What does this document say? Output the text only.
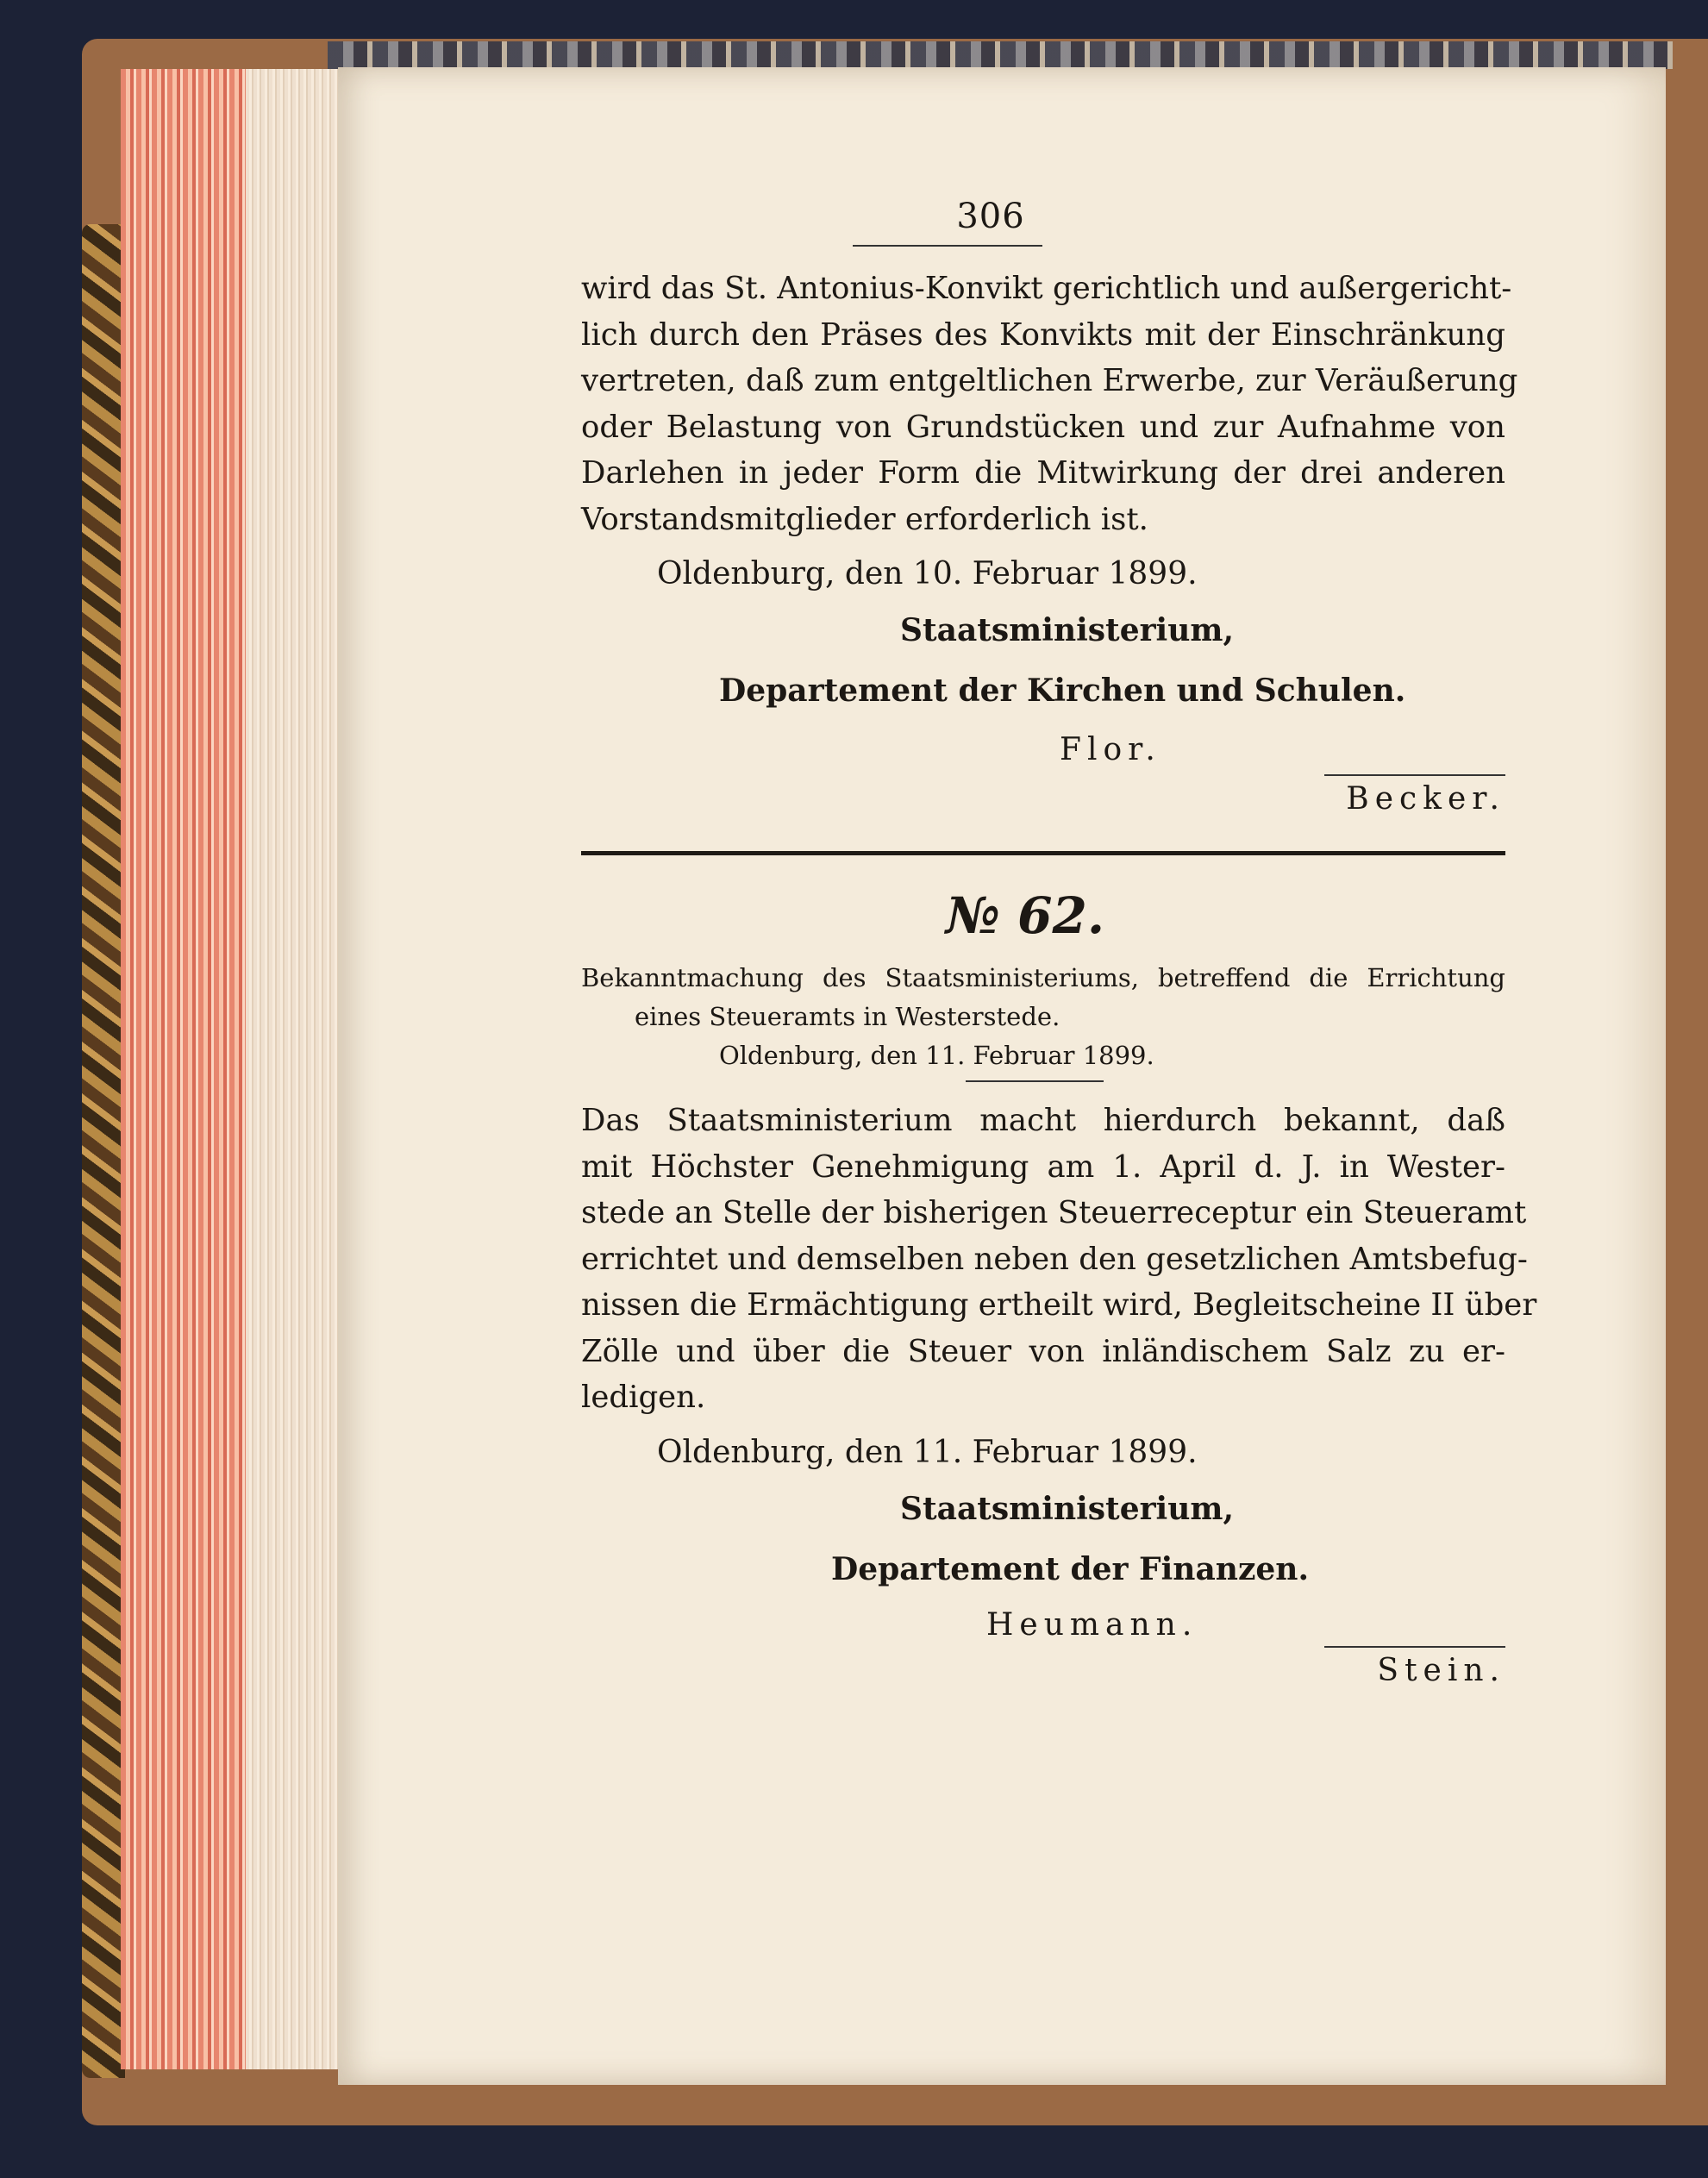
306
wird das St. Antonius-Konvikt gerichtlich und außergericht-
lich durch den Präses des Konvikts mit der Einschränkung
vertreten, daß zum entgeltlichen Erwerbe, zur Veräußerung
oder Belastung von Grundstücken und zur Aufnahme von
Darlehen in jeder Form die Mitwirkung der drei anderen
Vorstandsmitglieder erforderlich ist.

Oldenburg, den 10. Februar 1899.

Staatsministerium,

Departement der Kirchen und Schulen.

Flor.

Becker.

№ 62.

Bekanntmachung des Staatsministeriums, betreffend die Errichtung
eines Steueramts in Westerstede.
Oldenburg, den 11. Februar 1899.
Das Staatsministerium macht hierdurch bekannt, daß
mit Höchster Genehmigung am 1. April d. J. in Wester-
stede an Stelle der bisherigen Steuerreceptur ein Steueramt
errichtet und demselben neben den gesetzlichen Amtsbefug-
nissen die Ermächtigung ertheilt wird, Begleitscheine II über
Zölle und über die Steuer von inländischem Salz zu er-
ledigen.

Oldenburg, den 11. Februar 1899.

Staatsministerium,

Departement der Finanzen.

Heumann.

Stein.
